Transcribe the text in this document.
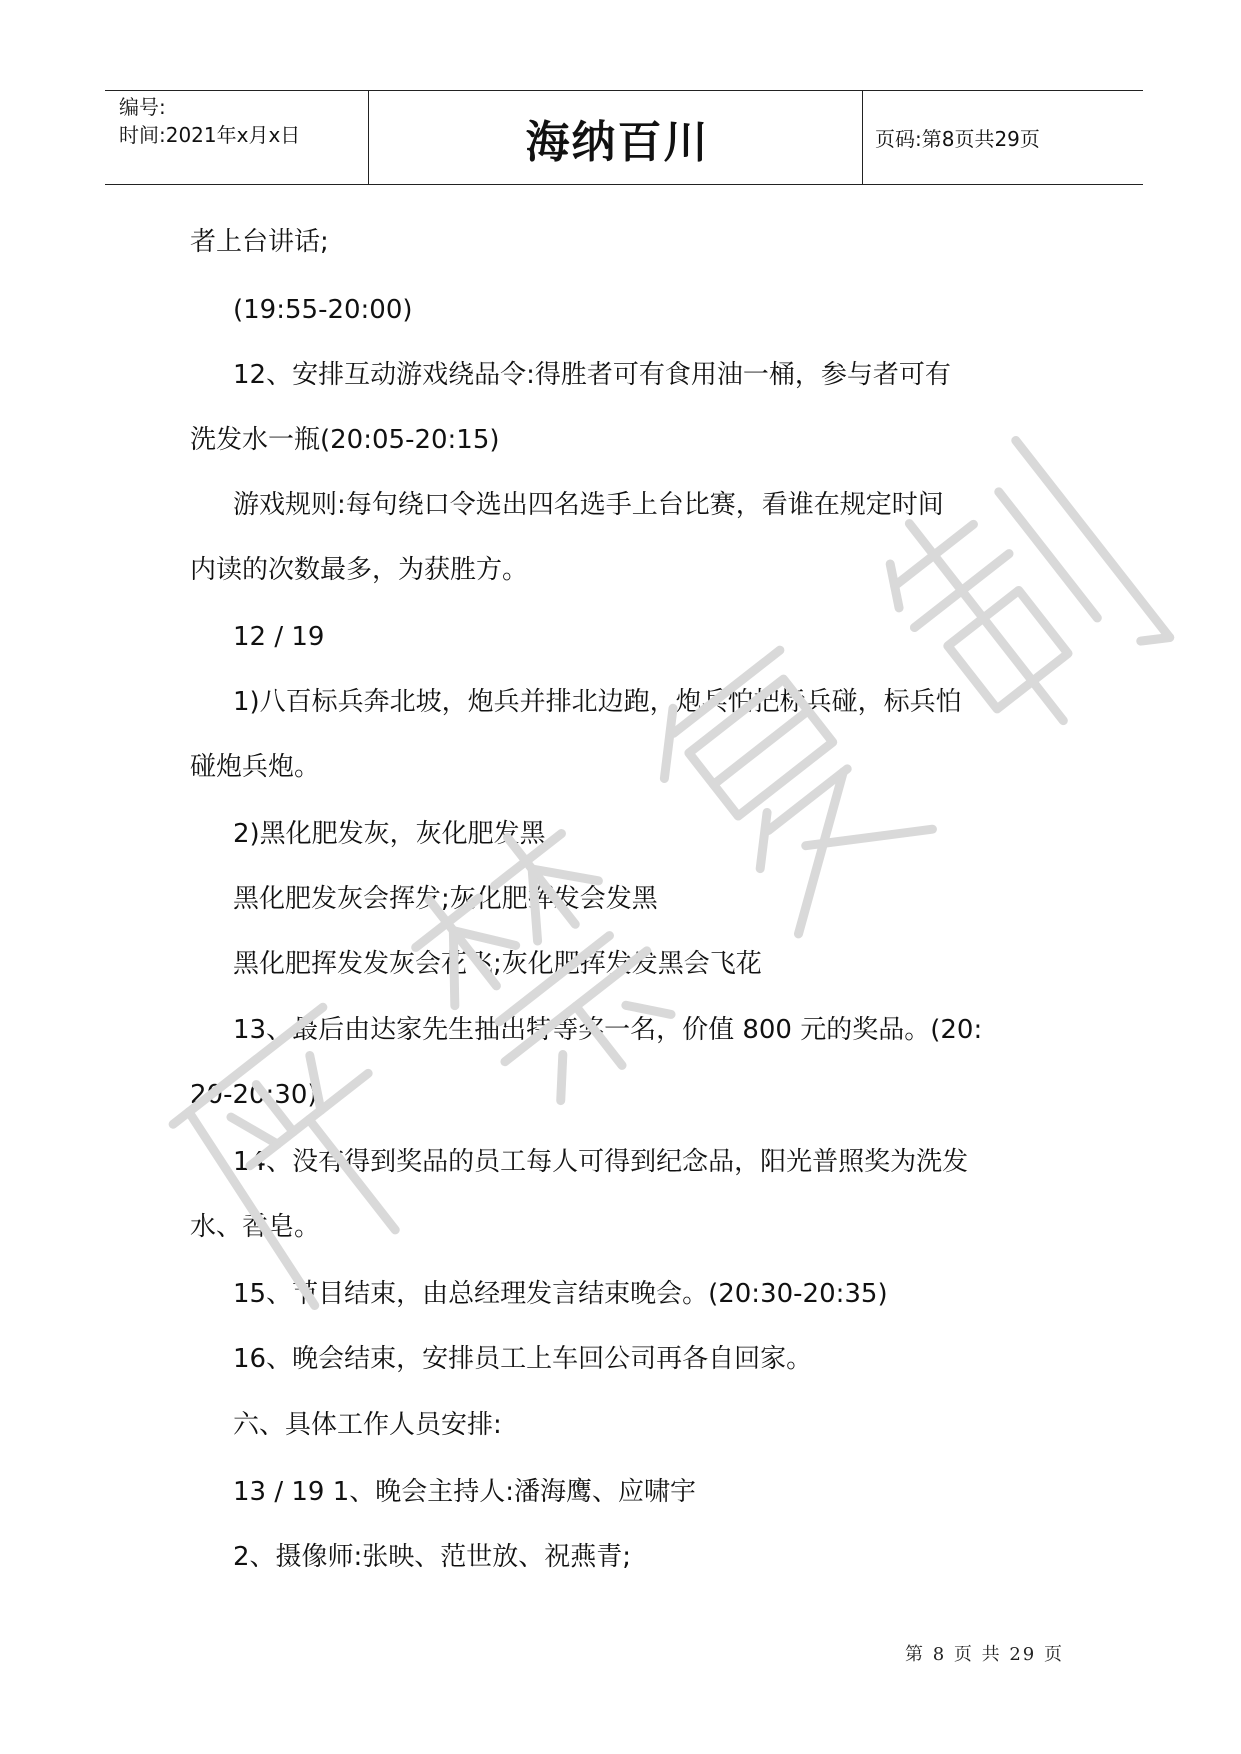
编号:
时间:2021年x月x日	海纳百川	页码:第8页共29页
者上台讲话;
(19:55-20:00)
12、安排互动游戏绕品令:得胜者可有食用油一桶，参与者可有
洗发水一瓶(20:05-20:15)
游戏规则:每句绕口令选出四名选手上台比赛，看谁在规定时间
内读的次数最多，为获胜方。
12 / 19
1)八百标兵奔北坡，炮兵并排北边跑，炮兵怕把标兵碰，标兵怕
碰炮兵炮。
2)黑化肥发灰，灰化肥发黑
黑化肥发灰会挥发;灰化肥挥发会发黑
黑化肥挥发发灰会花飞;灰化肥挥发发黑会飞花
13、最后由达家先生抽出特等奖一名，价值 800 元的奖品。(20:
20-20:30)
14、没有得到奖品的员工每人可得到纪念品，阳光普照奖为洗发
水、香皂。
15、节目结束，由总经理发言结束晚会。(20:30-20:35)
16、晚会结束，安排员工上车回公司再各自回家。
六、具体工作人员安排:
13 / 19 1、晚会主持人:潘海鹰、应啸宇
2、摄像师:张映、范世放、祝燕青;
第 8 页 共 29 页
